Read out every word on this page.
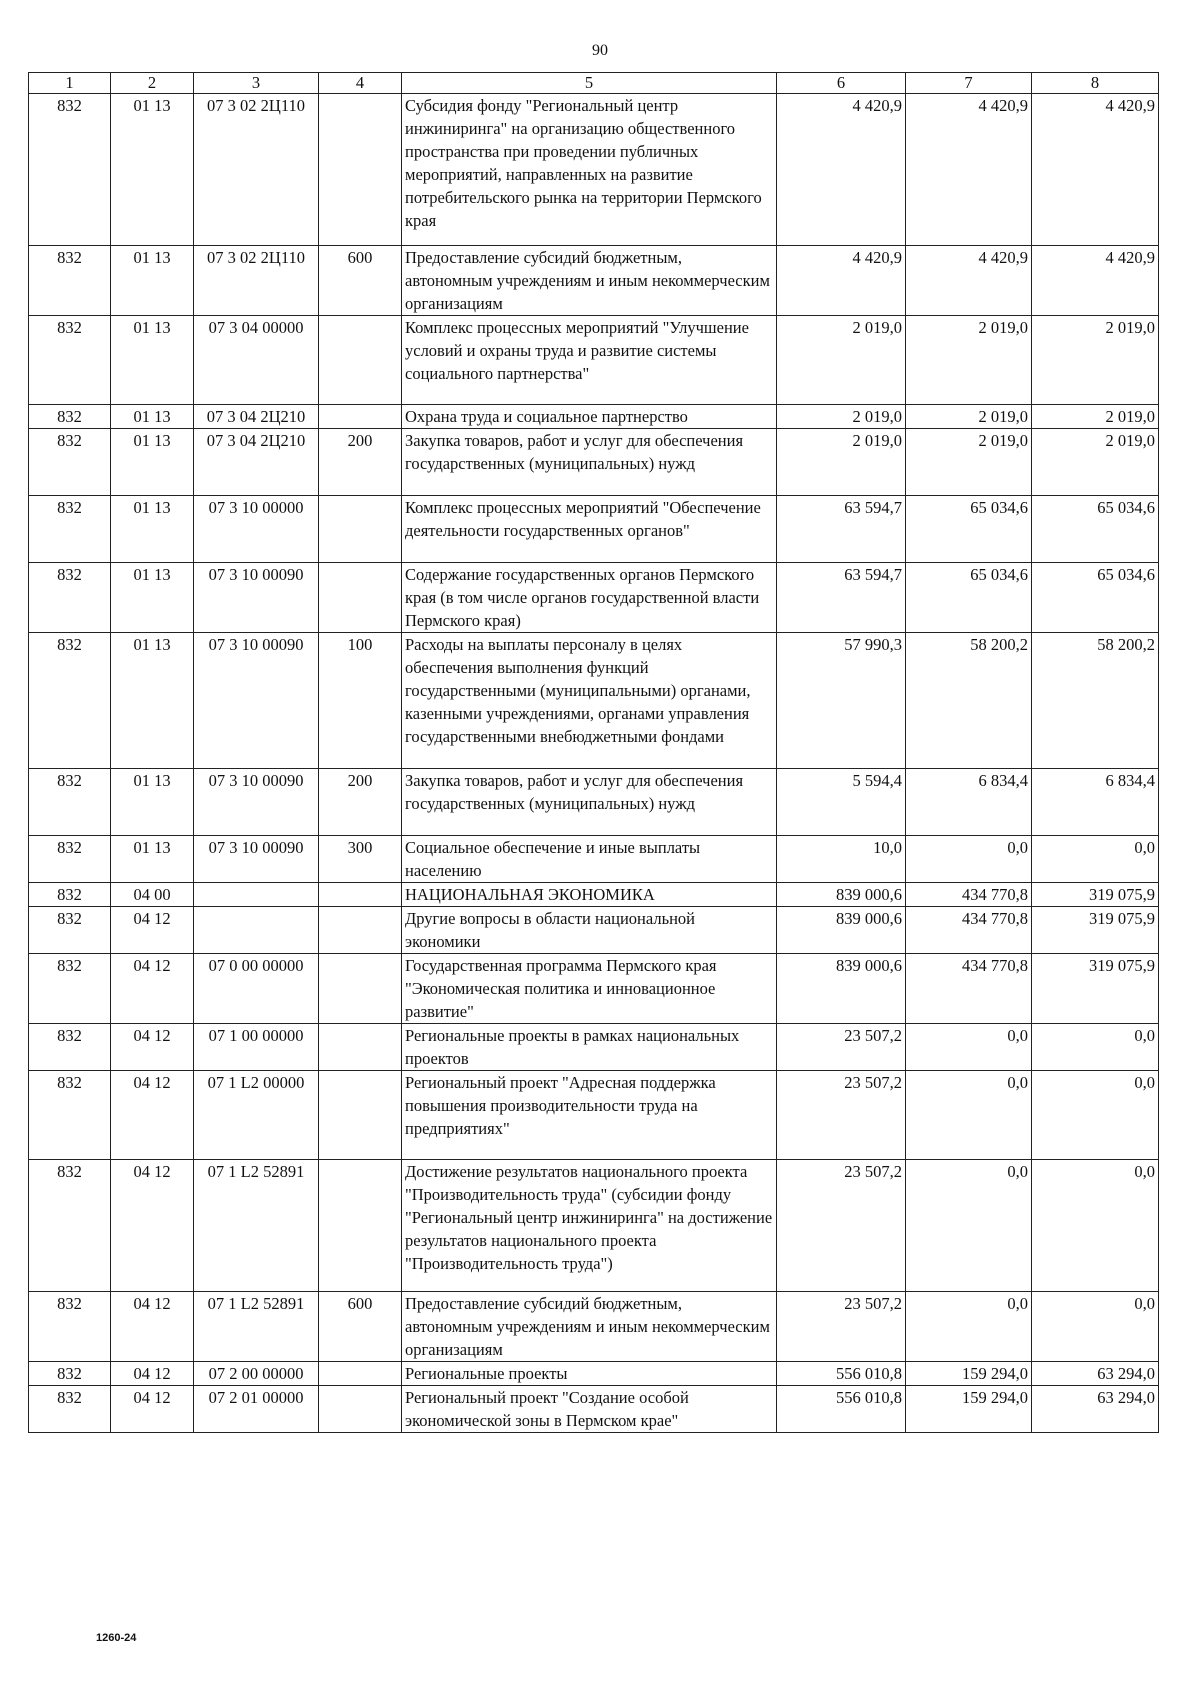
90
1	2	3	4	5	6	7	8
832	01 13	07 3 02 2Ц110		Субсидия фонду "Региональный центр инжиниринга" на организацию общественного пространства при проведении публичных мероприятий, направленных на развитие потребительского рынка на территории Пермского края	4 420,9	4 420,9	4 420,9
832	01 13	07 3 02 2Ц110	600	Предоставление субсидий бюджетным, автономным учреждениям и иным некоммерческим организациям	4 420,9	4 420,9	4 420,9
832	01 13	07 3 04 00000		Комплекс процессных мероприятий "Улучшение условий и охраны труда и развитие системы социального партнерства"	2 019,0	2 019,0	2 019,0
832	01 13	07 3 04 2Ц210		Охрана труда и социальное партнерство	2 019,0	2 019,0	2 019,0
832	01 13	07 3 04 2Ц210	200	Закупка товаров, работ и услуг для обеспечения государственных (муниципальных) нужд	2 019,0	2 019,0	2 019,0
832	01 13	07 3 10 00000		Комплекс процессных мероприятий "Обеспечение деятельности государственных органов"	63 594,7	65 034,6	65 034,6
832	01 13	07 3 10 00090		Содержание государственных органов Пермского края (в том числе органов государственной власти Пермского края)	63 594,7	65 034,6	65 034,6
832	01 13	07 3 10 00090	100	Расходы на выплаты персоналу в целях обеспечения выполнения функций государственными (муниципальными) органами, казенными учреждениями, органами управления государственными внебюджетными фондами	57 990,3	58 200,2	58 200,2
832	01 13	07 3 10 00090	200	Закупка товаров, работ и услуг для обеспечения государственных (муниципальных) нужд	5 594,4	6 834,4	6 834,4
832	01 13	07 3 10 00090	300	Социальное обеспечение и иные выплаты населению	10,0	0,0	0,0
832	04 00			НАЦИОНАЛЬНАЯ ЭКОНОМИКА	839 000,6	434 770,8	319 075,9
832	04 12			Другие вопросы в области национальной экономики	839 000,6	434 770,8	319 075,9
832	04 12	07 0 00 00000		Государственная программа Пермского края "Экономическая политика и инновационное развитие"	839 000,6	434 770,8	319 075,9
832	04 12	07 1 00 00000		Региональные проекты в рамках национальных проектов	23 507,2	0,0	0,0
832	04 12	07 1 L2 00000		Региональный проект "Адресная поддержка повышения производительности труда на предприятиях"	23 507,2	0,0	0,0
832	04 12	07 1 L2 52891		Достижение результатов национального проекта "Производительность труда" (субсидии фонду "Региональный центр инжиниринга" на достижение результатов национального проекта "Производительность труда")	23 507,2	0,0	0,0
832	04 12	07 1 L2 52891	600	Предоставление субсидий бюджетным, автономным учреждениям и иным некоммерческим организациям	23 507,2	0,0	0,0
832	04 12	07 2 00 00000		Региональные проекты	556 010,8	159 294,0	63 294,0
832	04 12	07 2 01 00000		Региональный проект "Создание особой экономической зоны в Пермском крае"	556 010,8	159 294,0	63 294,0
1260-24
